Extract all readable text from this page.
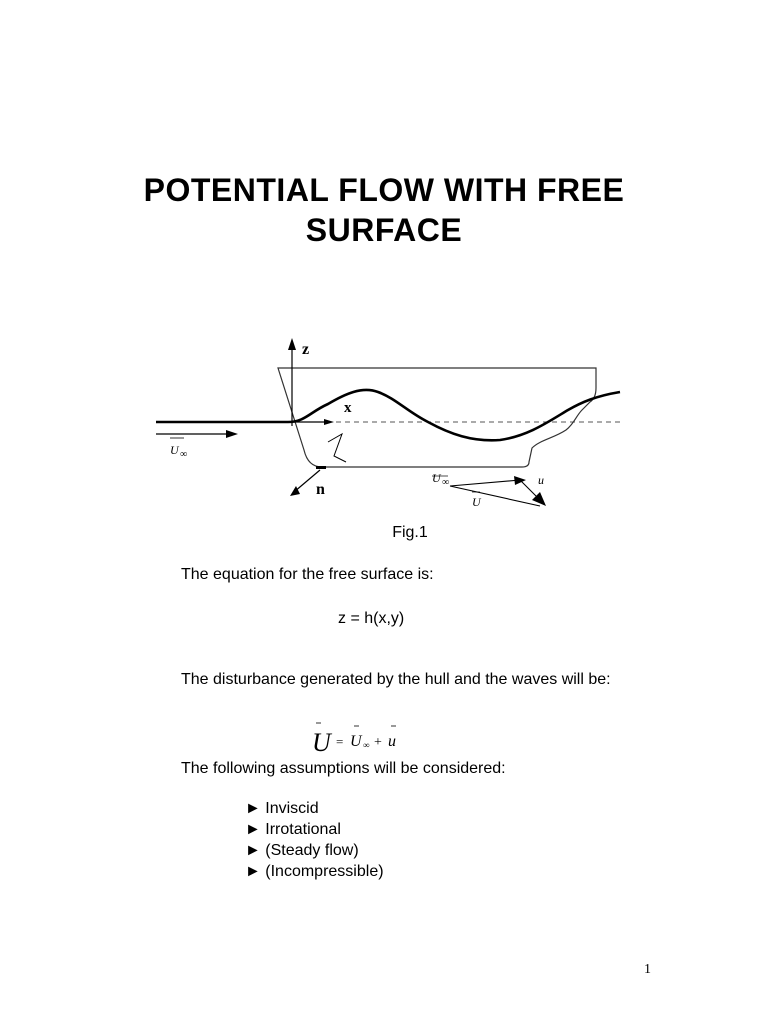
POTENTIAL FLOW WITH FREE
SURFACE
z
x
U ∞
n
U ∞	u
U
Fig.1
The equation for the free surface is:
z = h(x,y)
The disturbance generated by the hull and the waves will be:
U = U ∞ + u
The following assumptions will be considered:
► Inviscid
► Irrotational
► (Steady flow)
► (Incompressible)
1
